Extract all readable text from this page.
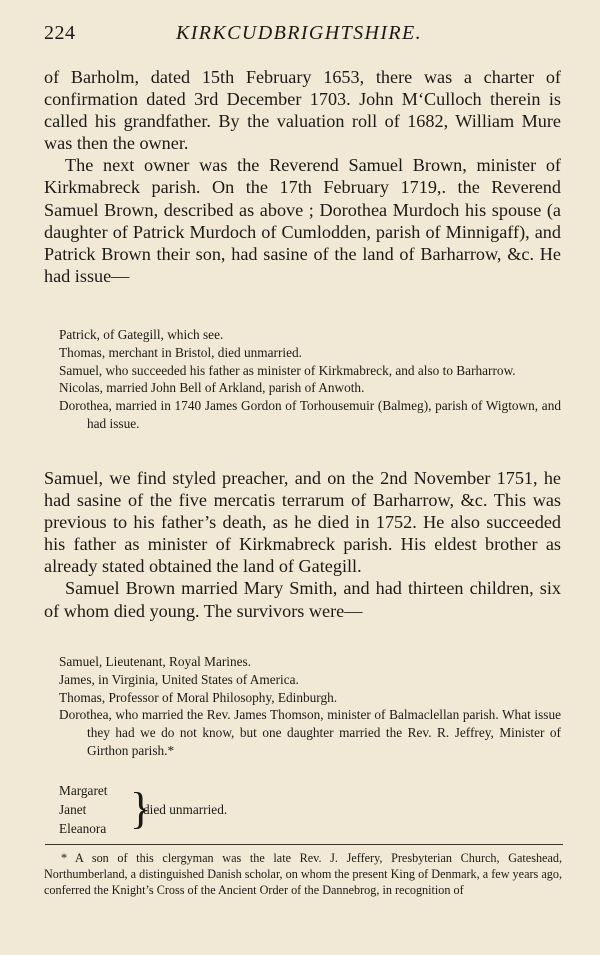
224	KIRKCUDBRIGHTSHIRE.

of Barholm, dated 15th February 1653, there was a charter of confirmation dated 3rd December 1703. John M‘Culloch therein is called his grandfather. By the valuation roll of 1682, William Mure was then the owner.

The next owner was the Reverend Samuel Brown, minister of Kirkmabreck parish. On the 17th February 1719,. the Reverend Samuel Brown, described as above ; Dorothea Murdoch his spouse (a daughter of Patrick Murdoch of Cumlodden, parish of Minnigaff), and Patrick Brown their son, had sasine of the land of Barharrow, &c. He had issue—

Patrick, of Gategill, which see.
Thomas, merchant in Bristol, died unmarried.
Samuel, who succeeded his father as minister of Kirkmabreck, and also to Barharrow.
Nicolas, married John Bell of Arkland, parish of Anwoth.
Dorothea, married in 1740 James Gordon of Torhousemuir (Balmeg), parish of Wigtown, and had issue.

Samuel, we find styled preacher, and on the 2nd November 1751, he had sasine of the five mercatis terrarum of Barharrow, &c. This was previous to his father’s death, as he died in 1752. He also succeeded his father as minister of Kirkmabreck parish. His eldest brother as already stated obtained the land of Gategill.

Samuel Brown married Mary Smith, and had thirteen children, six of whom died young. The survivors were—

Samuel, Lieutenant, Royal Marines.
James, in Virginia, United States of America.
Thomas, Professor of Moral Philosophy, Edinburgh.
Dorothea, who married the Rev. James Thomson, minister of Balmaclellan parish. What issue they had we do not know, but one daughter married the Rev. R. Jeffrey, Minister of Girthon parish.*
Margaret
Janet
Eleanora }
died unmarried.
* A son of this clergyman was the late Rev. J. Jeffery, Presbyterian Church, Gateshead, Northumberland, a distinguished Danish scholar, on whom the present King of Denmark, a few years ago, conferred the Knight’s Cross of the Ancient Order of the Dannebrog, in recognition of
